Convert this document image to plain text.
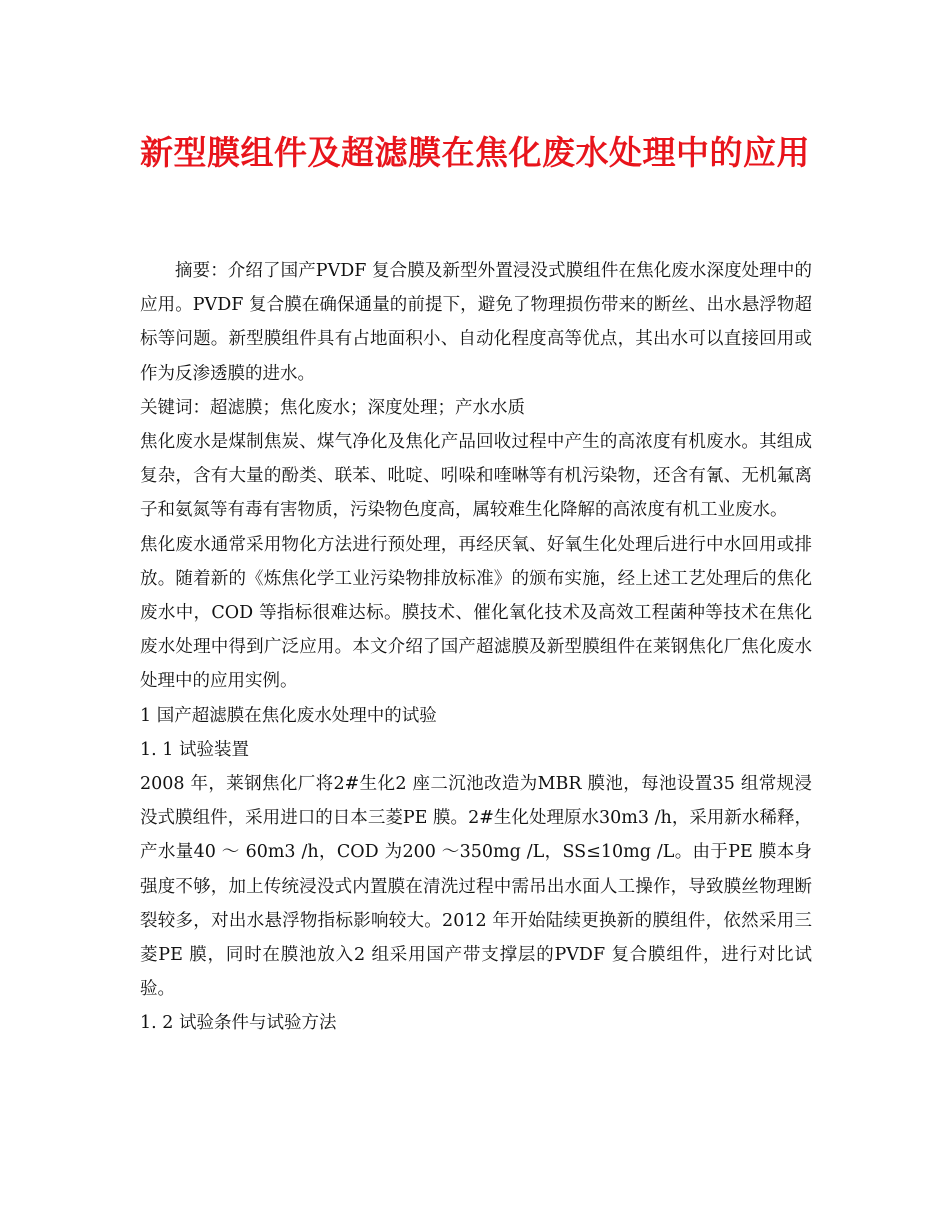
新型膜组件及超滤膜在焦化废水处理中的应用

摘要：介绍了国产PVDF 复合膜及新型外置浸没式膜组件在焦化废水深度处理中的应用。PVDF 复合膜在确保通量的前提下，避免了物理损伤带来的断丝、出水悬浮物超标等问题。新型膜组件具有占地面积小、自动化程度高等优点，其出水可以直接回用或作为反渗透膜的进水。

关键词：超滤膜；焦化废水；深度处理；产水水质

焦化废水是煤制焦炭、煤气净化及焦化产品回收过程中产生的高浓度有机废水。其组成复杂，含有大量的酚类、联苯、吡啶、吲哚和喹啉等有机污染物，还含有氰、无机氟离子和氨氮等有毒有害物质，污染物色度高，属较难生化降解的高浓度有机工业废水。

焦化废水通常采用物化方法进行预处理，再经厌氧、好氧生化处理后进行中水回用或排放。随着新的《炼焦化学工业污染物排放标准》的颁布实施，经上述工艺处理后的焦化废水中，COD 等指标很难达标。膜技术、催化氧化技术及高效工程菌种等技术在焦化废水处理中得到广泛应用。本文介绍了国产超滤膜及新型膜组件在莱钢焦化厂焦化废水处理中的应用实例。

1 国产超滤膜在焦化废水处理中的试验

1. 1 试验装置

2008 年，莱钢焦化厂将2#生化2 座二沉池改造为MBR 膜池，每池设置35 组常规浸没式膜组件，采用进口的日本三菱PE 膜。2#生化处理原水30m3 /h，采用新水稀释，产水量40 ～ 60m3 /h，COD 为200 ～350mg /L，SS≤10mg /L。由于PE 膜本身强度不够，加上传统浸没式内置膜在清洗过程中需吊出水面人工操作，导致膜丝物理断裂较多，对出水悬浮物指标影响较大。2012 年开始陆续更换新的膜组件，依然采用三菱PE 膜，同时在膜池放入2 组采用国产带支撑层的PVDF 复合膜组件，进行对比试验。

1. 2 试验条件与试验方法
